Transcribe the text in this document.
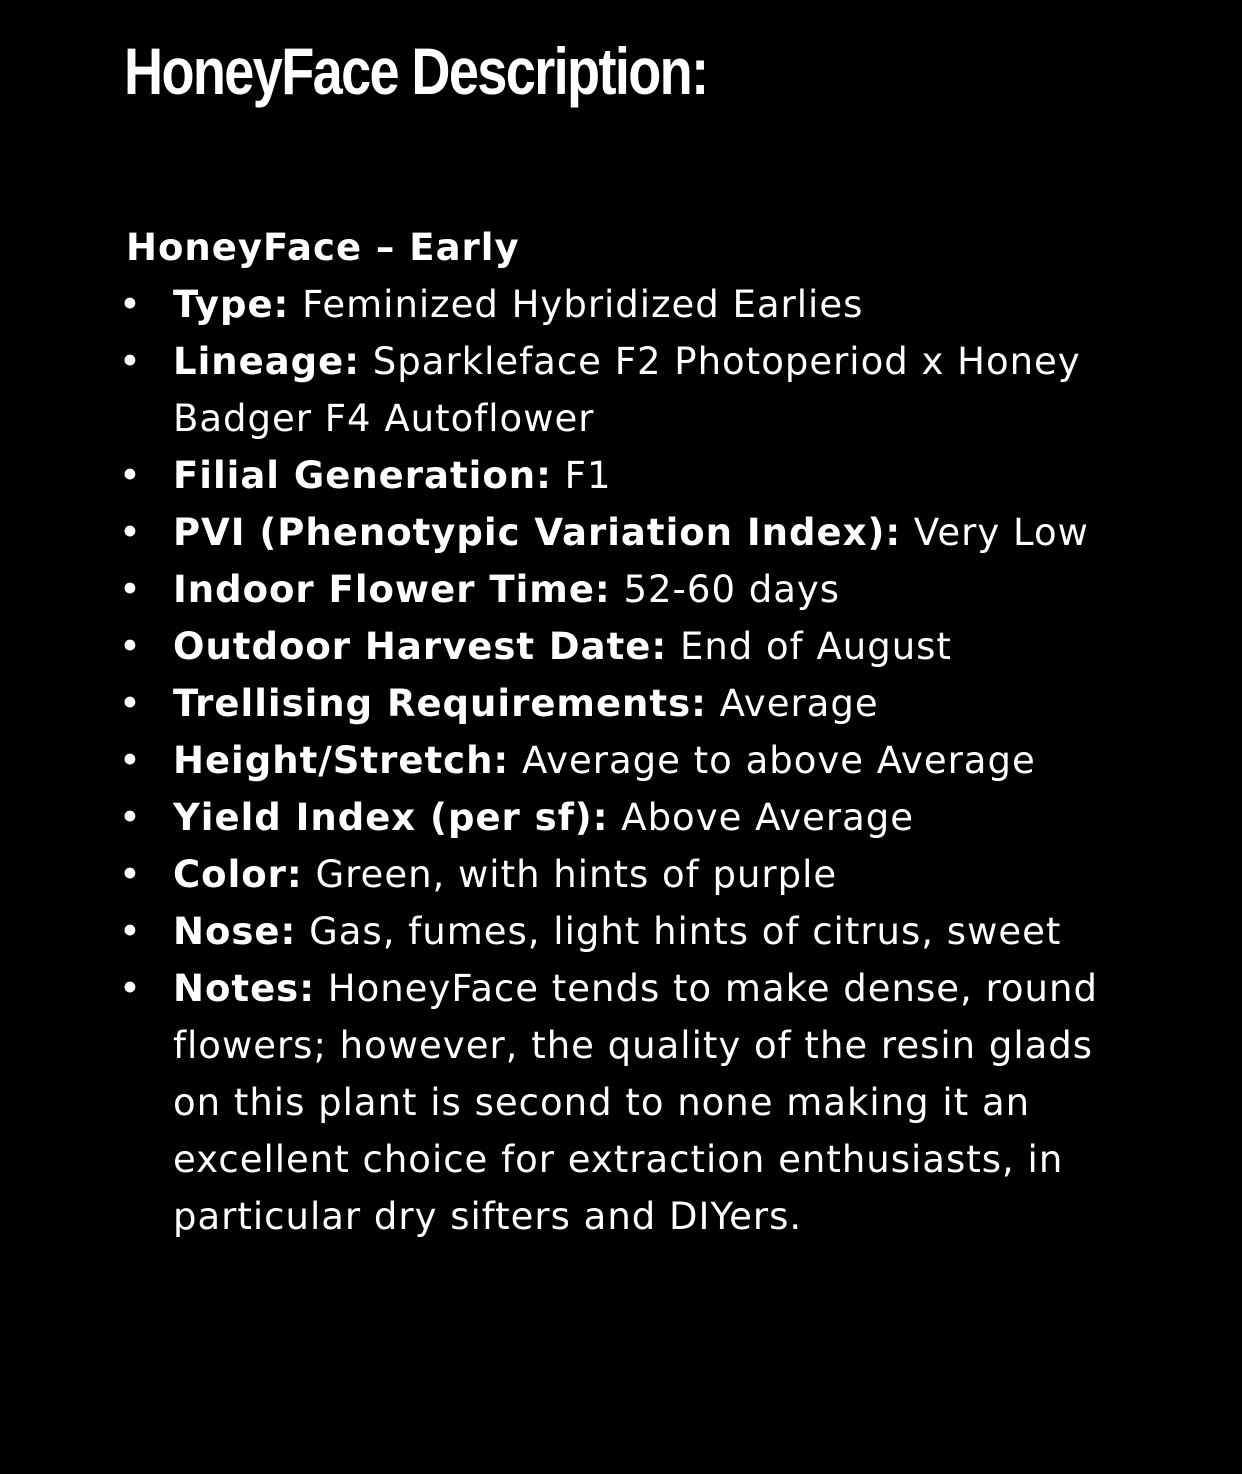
HoneyFace Description:
HoneyFace – Early
• Type: Feminized Hybridized Earlies
• Lineage: Sparkleface F2 Photoperiod x Honey Badger F4 Autoflower
• Filial Generation: F1
• PVI (Phenotypic Variation Index): Very Low
• Indoor Flower Time: 52-60 days
• Outdoor Harvest Date: End of August
• Trellising Requirements: Average
• Height/Stretch: Average to above Average
• Yield Index (per sf): Above Average
• Color: Green, with hints of purple
• Nose: Gas, fumes, light hints of citrus, sweet
• Notes: HoneyFace tends to make dense, round flowers; however, the quality of the resin glads on this plant is second to none making it an excellent choice for extraction enthusiasts, in particular dry sifters and DIYers.
